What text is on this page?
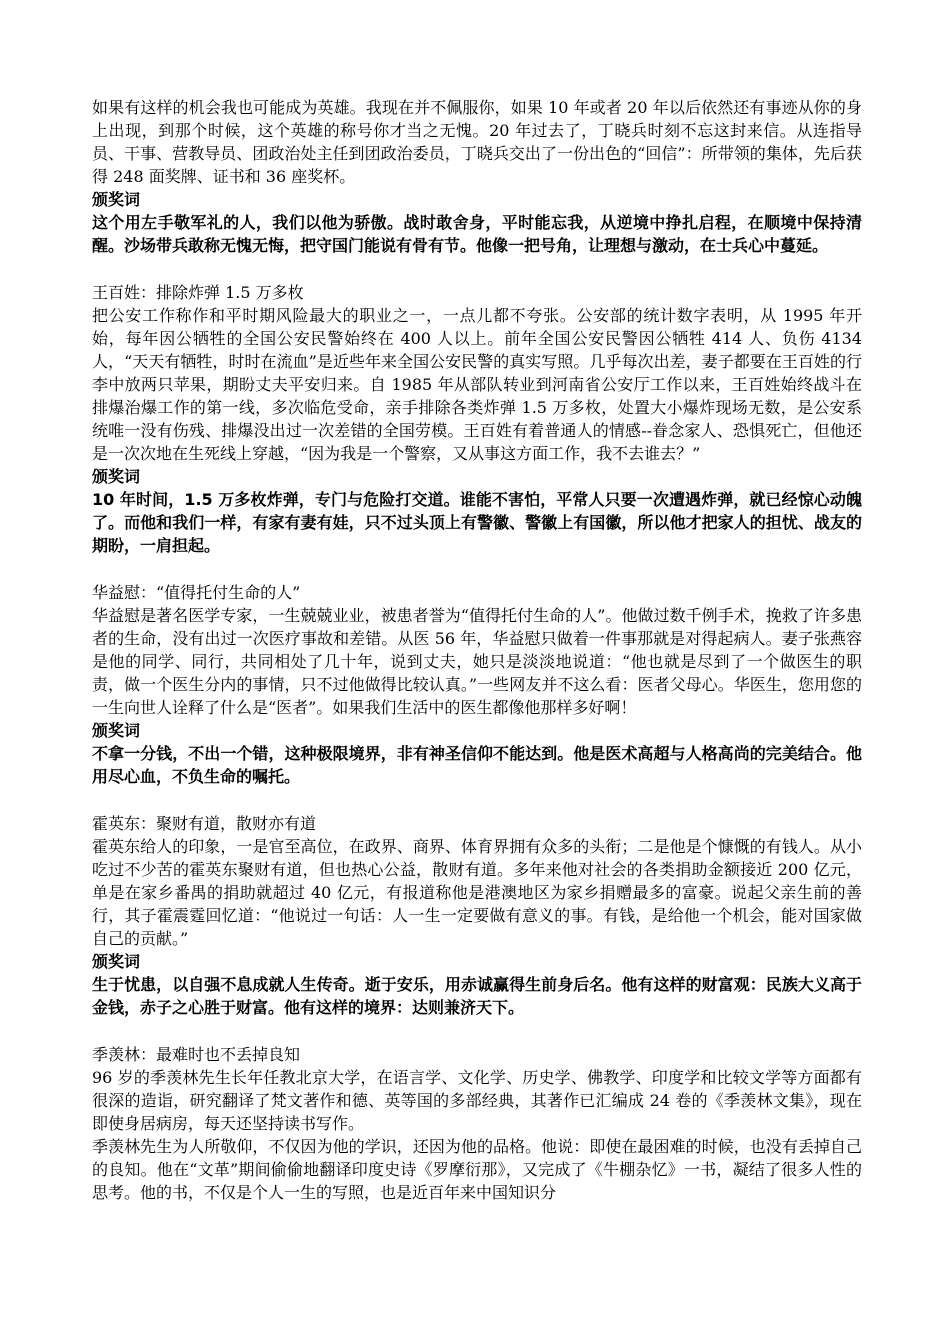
如果有这样的机会我也可能成为英雄。我现在并不佩服你，如果 10 年或者 20 年以后依然还有事迹从你的身上出现，到那个时候，这个英雄的称号你才当之无愧。20 年过去了，丁晓兵时刻不忘这封来信。从连指导员、干事、营教导员、团政治处主任到团政治委员，丁晓兵交出了一份出色的“回信”：所带领的集体，先后获得 248 面奖牌、证书和 36 座奖杯。

颁奖词

这个用左手敬军礼的人，我们以他为骄傲。战时敢舍身，平时能忘我，从逆境中挣扎启程，在顺境中保持清醒。沙场带兵敢称无愧无悔，把守国门能说有骨有节。他像一把号角，让理想与激动，在士兵心中蔓延。

王百姓：排除炸弹 1.5 万多枚

把公安工作称作和平时期风险最大的职业之一，一点儿都不夸张。公安部的统计数字表明，从 1995 年开始，每年因公牺牲的全国公安民警始终在 400 人以上。前年全国公安民警因公牺牲 414 人、负伤 4134 人，“天天有牺牲，时时在流血”是近些年来全国公安民警的真实写照。几乎每次出差，妻子都要在王百姓的行李中放两只苹果，期盼丈夫平安归来。自 1985 年从部队转业到河南省公安厅工作以来，王百姓始终战斗在排爆治爆工作的第一线，多次临危受命，亲手排除各类炸弹 1.5 万多枚，处置大小爆炸现场无数，是公安系统唯一没有伤残、排爆没出过一次差错的全国劳模。王百姓有着普通人的情感--眷念家人、恐惧死亡，但他还是一次次地在生死线上穿越，“因为我是一个警察，又从事这方面工作，我不去谁去？”

颁奖词

10 年时间，1.5 万多枚炸弹，专门与危险打交道。谁能不害怕，平常人只要一次遭遇炸弹，就已经惊心动魄了。而他和我们一样，有家有妻有娃，只不过头顶上有警徽、警徽上有国徽，所以他才把家人的担忧、战友的期盼，一肩担起。

华益慰：“值得托付生命的人”

华益慰是著名医学专家，一生兢兢业业，被患者誉为“值得托付生命的人”。他做过数千例手术，挽救了许多患者的生命，没有出过一次医疗事故和差错。从医 56 年，华益慰只做着一件事那就是对得起病人。妻子张燕容是他的同学、同行，共同相处了几十年，说到丈夫，她只是淡淡地说道：“他也就是尽到了一个做医生的职责，做一个医生分内的事情，只不过他做得比较认真。”一些网友并不这么看：医者父母心。华医生，您用您的一生向世人诠释了什么是“医者”。如果我们生活中的医生都像他那样多好啊！

颁奖词

不拿一分钱，不出一个错，这种极限境界，非有神圣信仰不能达到。他是医术高超与人格高尚的完美结合。他用尽心血，不负生命的嘱托。

霍英东：聚财有道，散财亦有道

霍英东给人的印象，一是官至高位，在政界、商界、体育界拥有众多的头衔；二是他是个慷慨的有钱人。从小吃过不少苦的霍英东聚财有道，但也热心公益，散财有道。多年来他对社会的各类捐助金额接近 200 亿元，单是在家乡番禺的捐助就超过 40 亿元，有报道称他是港澳地区为家乡捐赠最多的富豪。说起父亲生前的善行，其子霍震霆回忆道：“他说过一句话：人一生一定要做有意义的事。有钱，是给他一个机会，能对国家做自己的贡献。”

颁奖词

生于忧患，以自强不息成就人生传奇。逝于安乐，用赤诚赢得生前身后名。他有这样的财富观：民族大义高于金钱，赤子之心胜于财富。他有这样的境界：达则兼济天下。

季羡林：最难时也不丢掉良知

96 岁的季羡林先生长年任教北京大学，在语言学、文化学、历史学、佛教学、印度学和比较文学等方面都有很深的造诣，研究翻译了梵文著作和德、英等国的多部经典，其著作已汇编成 24 卷的《季羡林文集》，现在即使身居病房，每天还坚持读书写作。

季羡林先生为人所敬仰，不仅因为他的学识，还因为他的品格。他说：即使在最困难的时候，也没有丢掉自己的良知。他在“文革”期间偷偷地翻译印度史诗《罗摩衍那》，又完成了《牛棚杂忆》一书，凝结了很多人性的思考。他的书，不仅是个人一生的写照，也是近百年来中国知识分
